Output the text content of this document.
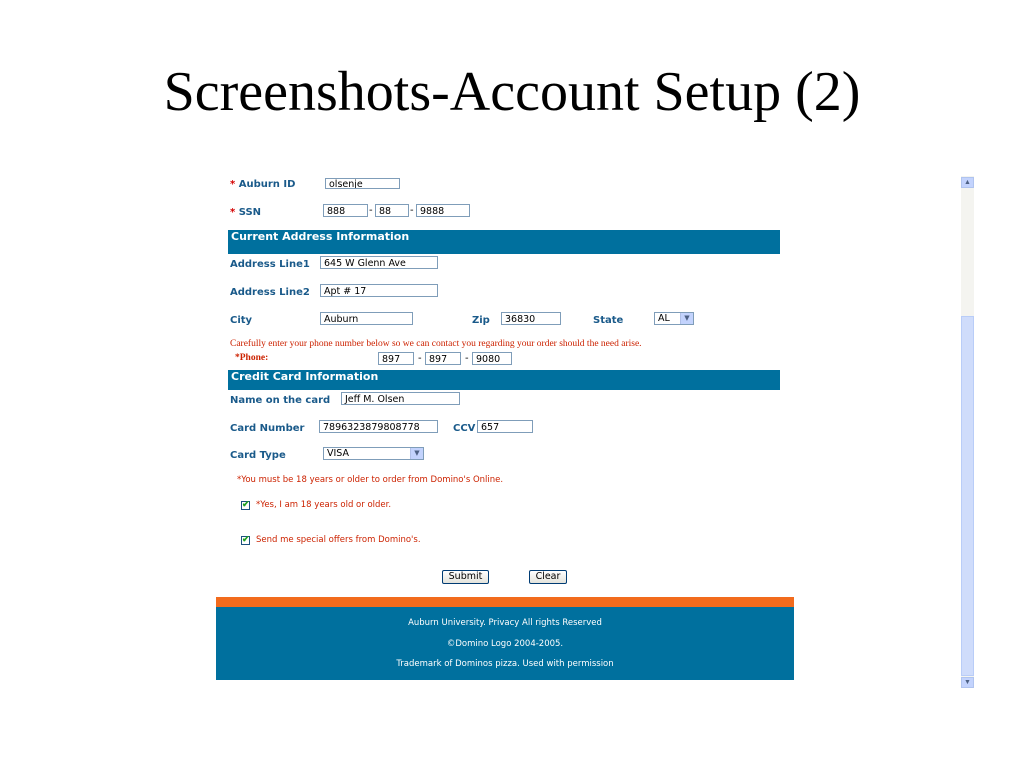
Screenshots-Account Setup (2)
* Auburn ID	olsenje
* SSN	888	- 88	- 9888
Current Address Information
Address Line1	645 W Glenn Ave
Address Line2	Apt # 17
City	Auburn	Zip	36830	State	AL	▼
Carefully enter your phone number below so we can contact you regarding your order should the need arise.
*Phone:	897	- 897	- 9080
Credit Card Information
Name on the card	Jeff M. Olsen
Card Number	7896323879808778	CCV 657
Card Type	VISA	▼
*You must be 18 years or older to order from Domino's Online.
✔ *Yes, I am 18 years old or older.
✔ Send me special offers from Domino's.
Submit	Clear
Auburn University. Privacy All rights Reserved
©Domino Logo 2004-2005.
Trademark of Dominos pizza. Used with permission
▲
▼
